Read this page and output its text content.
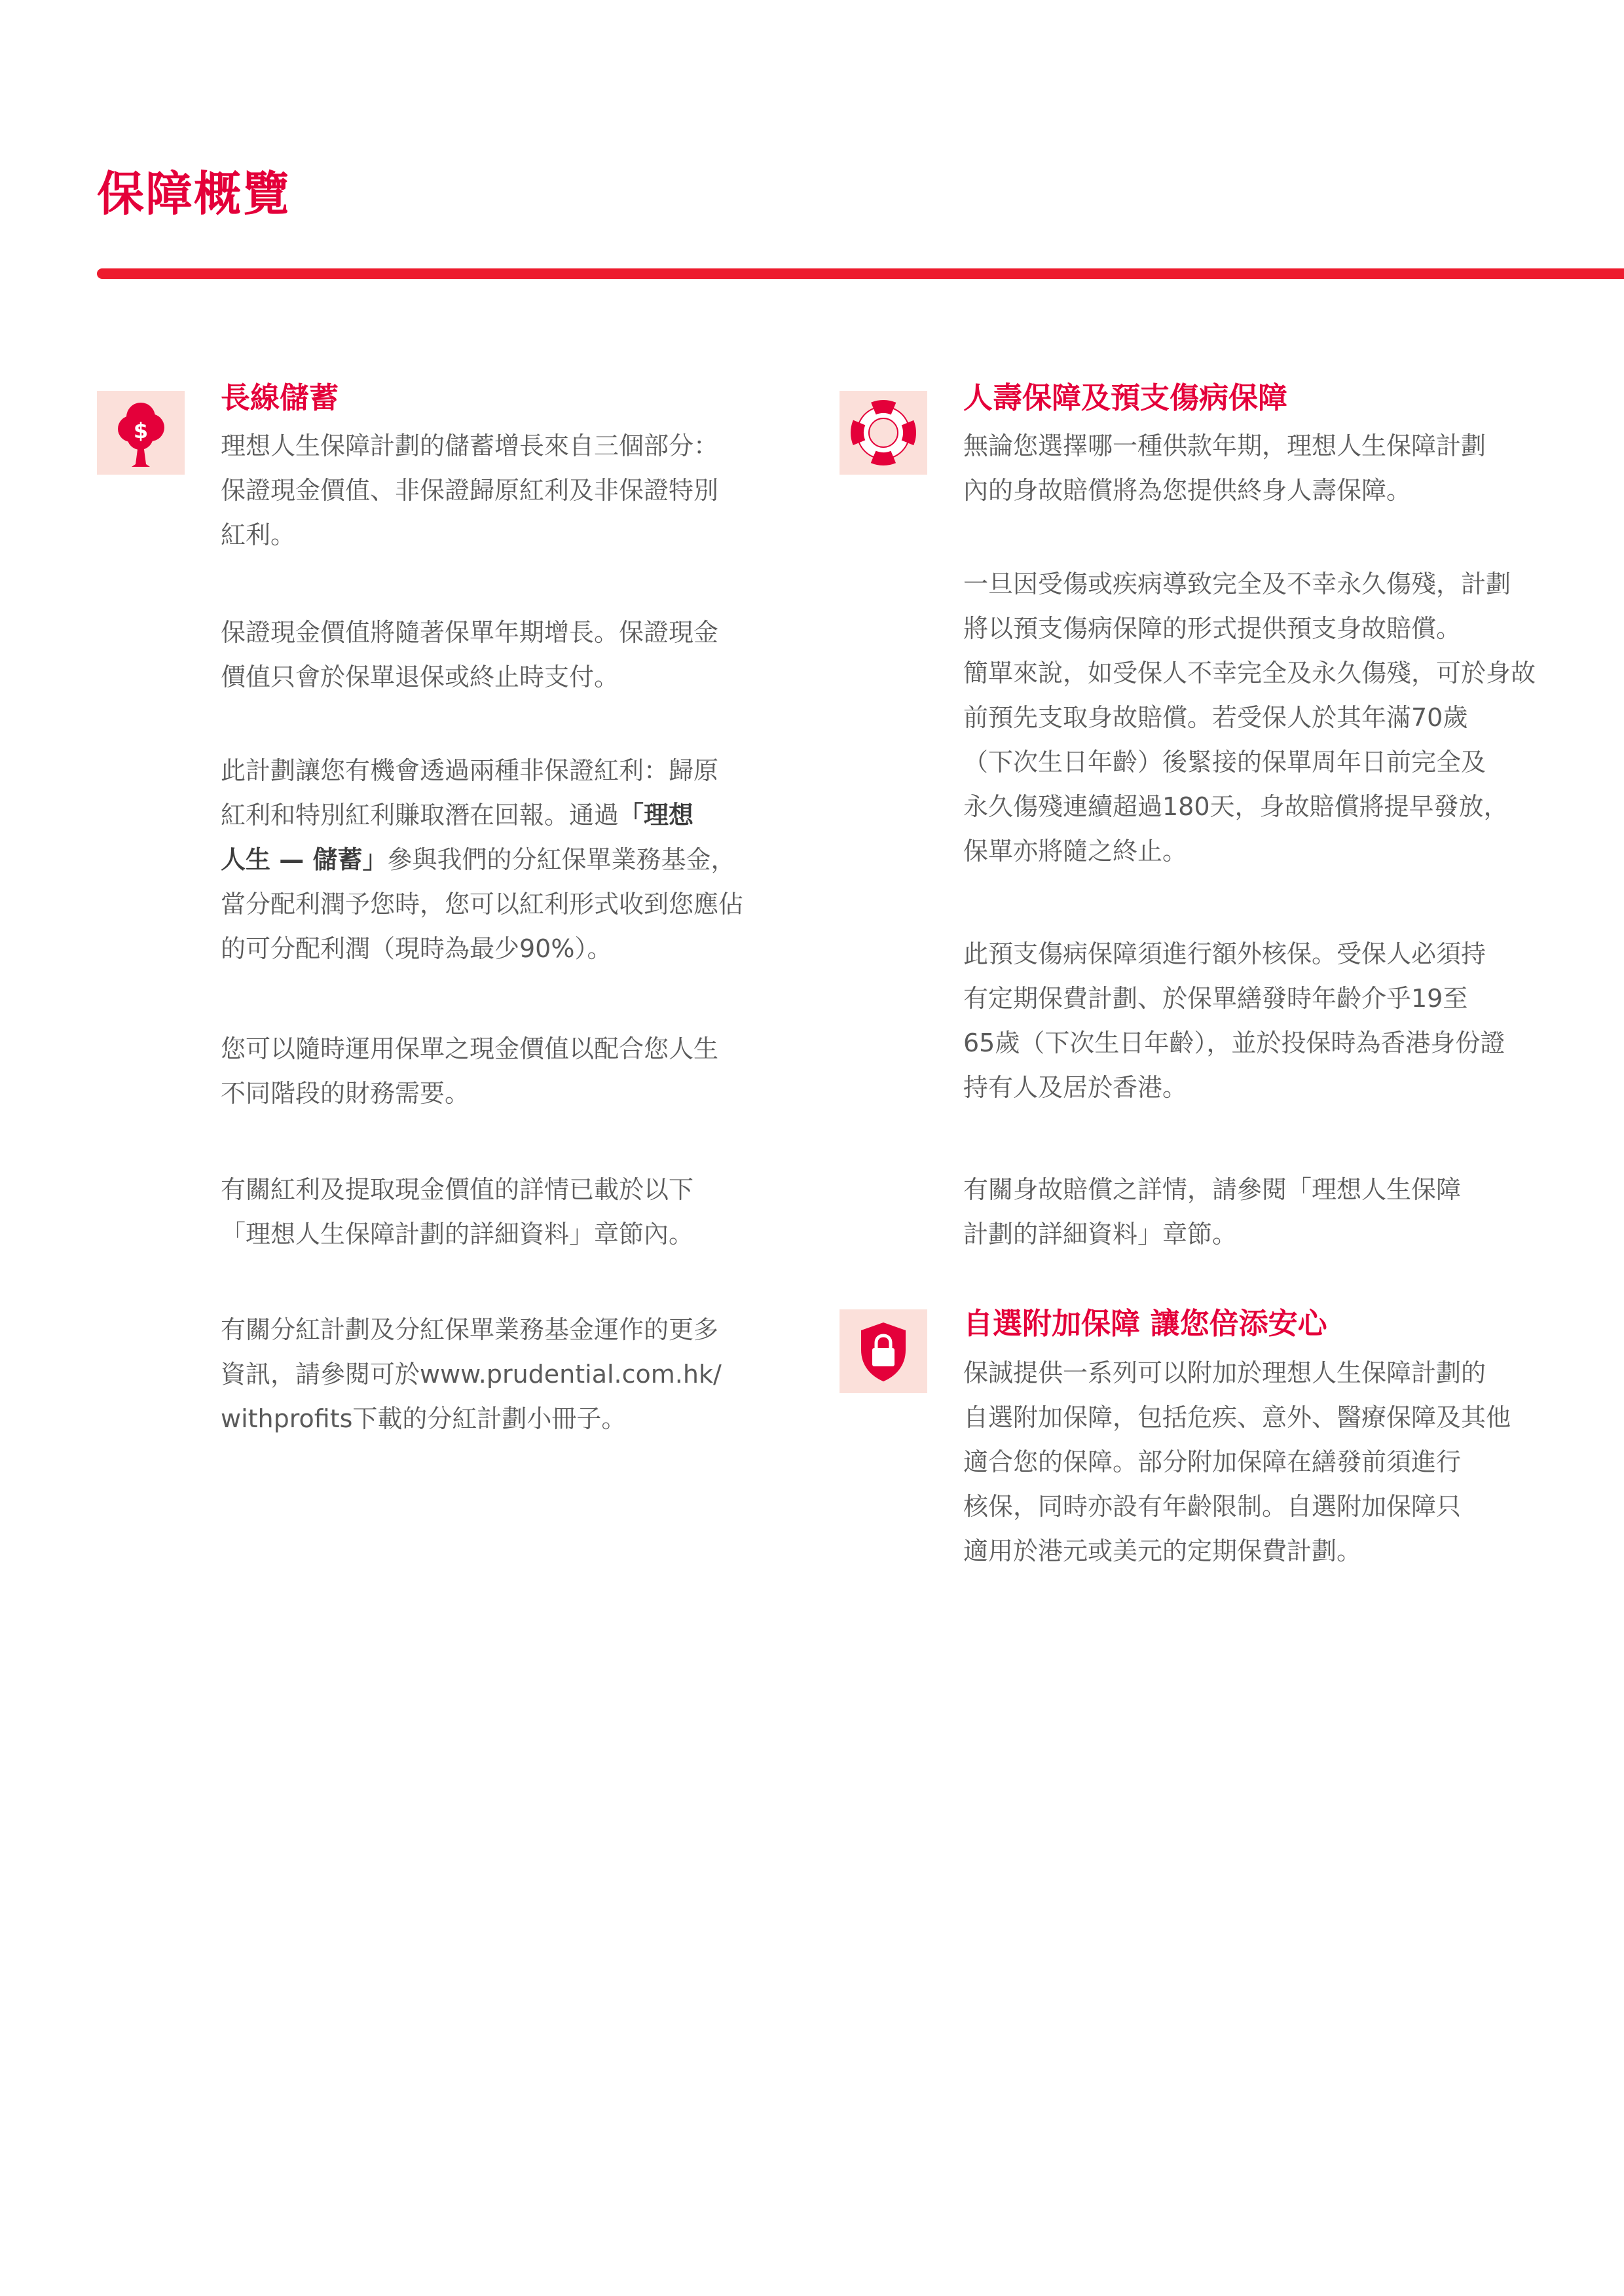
保障概覽
$
長線儲蓄

理想人生保障計劃的儲蓄增長來自三個部分：
保證現金價值、非保證歸原紅利及非保證特別
紅利。

保證現金價值將隨著保單年期增長。保證現金
價值只會於保單退保或終止時支付。

此計劃讓您有機會透過兩種非保證紅利：歸原
紅利和特別紅利賺取潛在回報。通過「理想
人生 — 儲蓄」參與我們的分紅保單業務基金，
當分配利潤予您時，您可以紅利形式收到您應佔
的可分配利潤（現時為最少90%）。

您可以隨時運用保單之現金價值以配合您人生
不同階段的財務需要。

有關紅利及提取現金價值的詳情已載於以下
「理想人生保障計劃的詳細資料」章節內。

有關分紅計劃及分紅保單業務基金運作的更多
資訊，請參閱可於www.prudential.com.hk/
withprofits下載的分紅計劃小冊子。

人壽保障及預支傷病保障

無論您選擇哪一種供款年期，理想人生保障計劃
內的身故賠償將為您提供終身人壽保障。

一旦因受傷或疾病導致完全及不幸永久傷殘，計劃
將以預支傷病保障的形式提供預支身故賠償。
簡單來說，如受保人不幸完全及永久傷殘，可於身故
前預先支取身故賠償。若受保人於其年滿70歲
（下次生日年齡）後緊接的保單周年日前完全及
永久傷殘連續超過180天，身故賠償將提早發放，
保單亦將隨之終止。

此預支傷病保障須進行額外核保。受保人必須持
有定期保費計劃、於保單繕發時年齡介乎19至
65歲（下次生日年齡），並於投保時為香港身份證
持有人及居於香港。

有關身故賠償之詳情，請參閱「理想人生保障
計劃的詳細資料」章節。

自選附加保障 讓您倍添安心

保誠提供一系列可以附加於理想人生保障計劃的
自選附加保障，包括危疾、意外、醫療保障及其他
適合您的保障。部分附加保障在繕發前須進行
核保，同時亦設有年齡限制。自選附加保障只
適用於港元或美元的定期保費計劃。
